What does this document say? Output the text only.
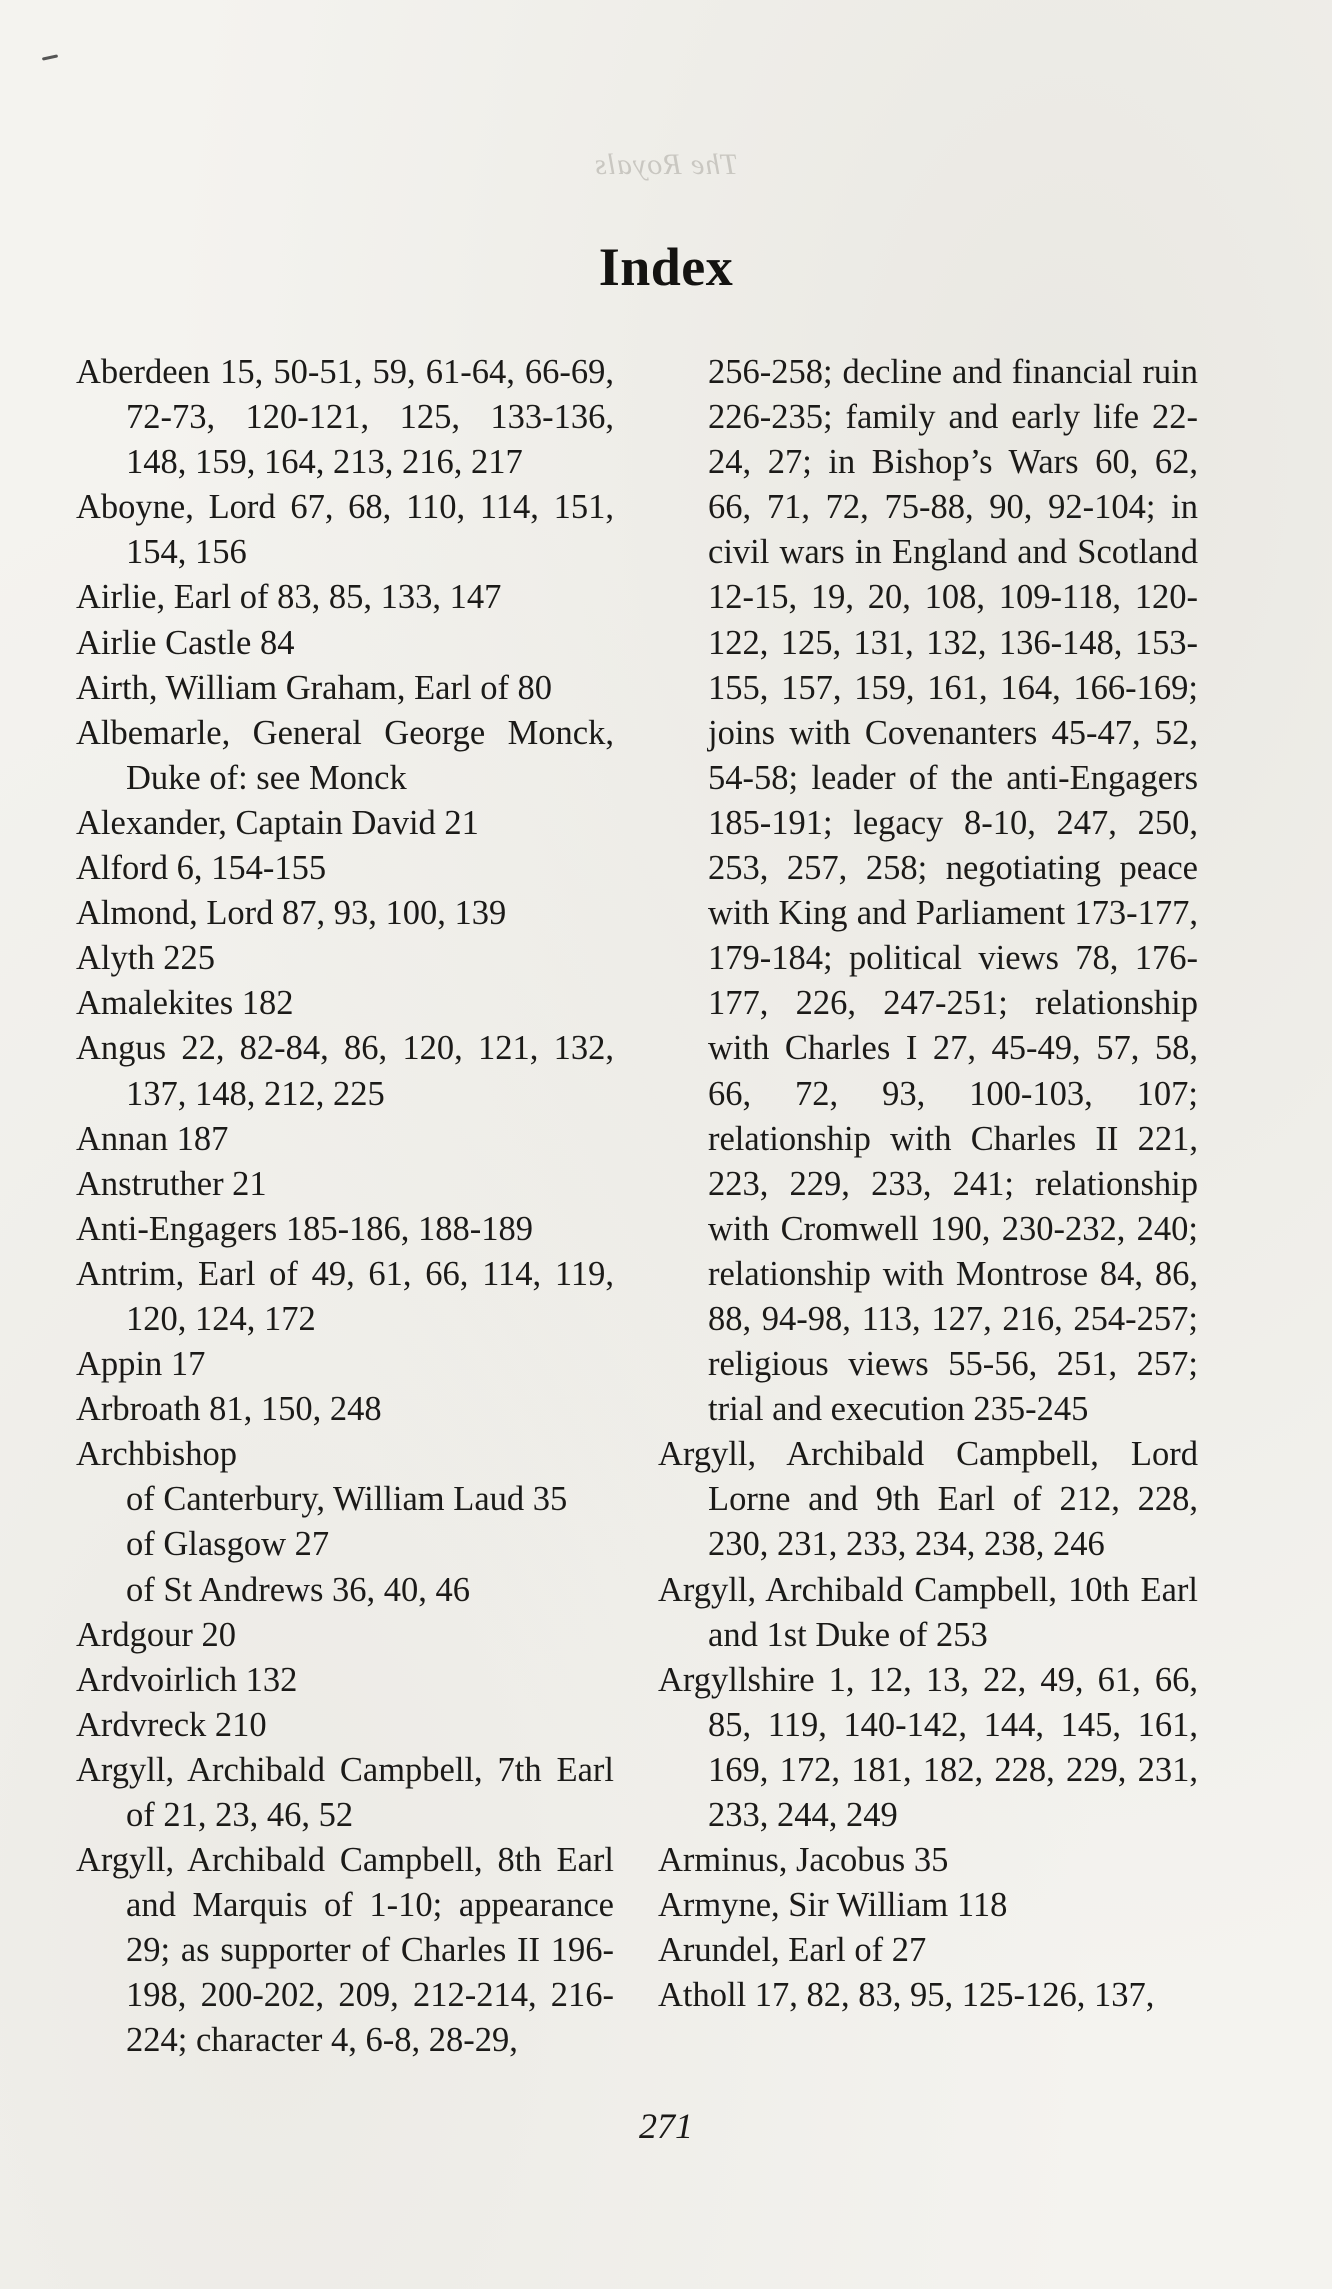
The Royals
Index

Aberdeen 15, 50-51, 59, 61-64, 66-69, 72-73, 120-121, 125, 133-136, 148, 159, 164, 213, 216, 217

Aboyne, Lord 67, 68, 110, 114, 151, 154, 156

Airlie, Earl of 83, 85, 133, 147

Airlie Castle 84

Airth, William Graham, Earl of 80

Albemarle, General George Monck, Duke of: see Monck

Alexander, Captain David 21

Alford 6, 154-155

Almond, Lord 87, 93, 100, 139

Alyth 225

Amalekites 182

Angus 22, 82-84, 86, 120, 121, 132, 137, 148, 212, 225

Annan 187

Anstruther 21

Anti-Engagers 185-186, 188-189

Antrim, Earl of 49, 61, 66, 114, 119, 120, 124, 172

Appin 17

Arbroath 81, 150, 248

Archbishop

of Canterbury, William Laud 35

of Glasgow 27

of St Andrews 36, 40, 46

Ardgour 20

Ardvoirlich 132

Ardvreck 210

Argyll, Archibald Campbell, 7th Earl of 21, 23, 46, 52

Argyll, Archibald Campbell, 8th Earl and Marquis of 1-10; appearance 29; as supporter of Charles II 196-198, 200-202, 209, 212-214, 216-224; character 4, 6-8, 28-29,

256-258; decline and financial ruin 226-235; family and early life 22-24, 27; in Bishop’s Wars 60, 62, 66, 71, 72, 75-88, 90, 92-104; in civil wars in England and Scotland 12-15, 19, 20, 108, 109-118, 120-122, 125, 131, 132, 136-148, 153-155, 157, 159, 161, 164, 166-169; joins with Covenanters 45-47, 52, 54-58; leader of the anti-Engagers 185-191; legacy 8-10, 247, 250, 253, 257, 258; negotiating peace with King and Parliament 173-177, 179-184; political views 78, 176-177, 226, 247-251; relationship with Charles I 27, 45-49, 57, 58, 66, 72, 93, 100-103, 107; relationship with Charles II 221, 223, 229, 233, 241; relationship with Cromwell 190, 230-232, 240; relationship with Montrose 84, 86, 88, 94-98, 113, 127, 216, 254-257; religious views 55-56, 251, 257; trial and execution 235-245

Argyll, Archibald Campbell, Lord Lorne and 9th Earl of 212, 228, 230, 231, 233, 234, 238, 246

Argyll, Archibald Campbell, 10th Earl and 1st Duke of 253

Argyllshire 1, 12, 13, 22, 49, 61, 66, 85, 119, 140-142, 144, 145, 161, 169, 172, 181, 182, 228, 229, 231, 233, 244, 249

Arminus, Jacobus 35

Armyne, Sir William 118

Arundel, Earl of 27

Atholl 17, 82, 83, 95, 125-126, 137,

271
